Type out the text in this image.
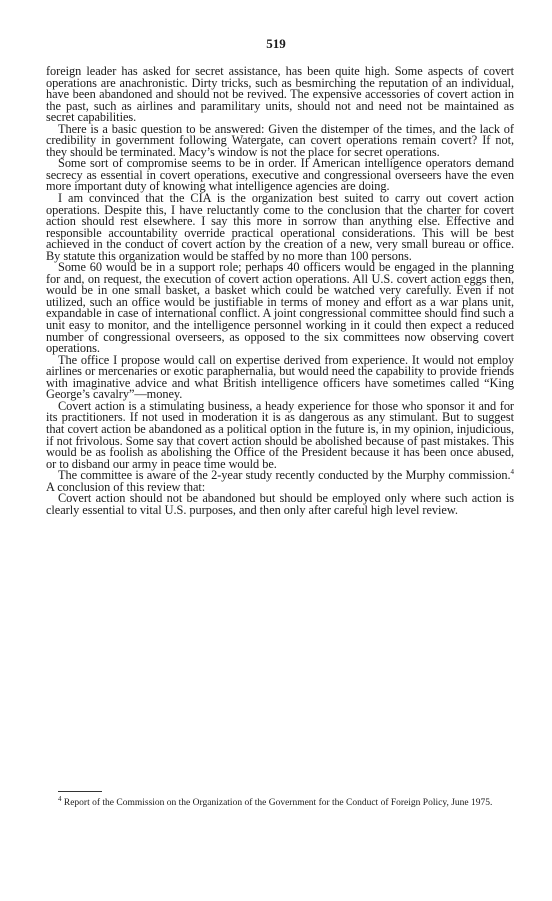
519

foreign leader has asked for secret assistance, has been quite high. Some aspects of covert operations are anachronistic. Dirty tricks, such as besmirching the reputation of an individual, have been abandoned and should not be revived. The expensive accessories of covert action in the past, such as airlines and paramilitary units, should not and need not be maintained as secret capabilities.

There is a basic question to be answered: Given the distemper of the times, and the lack of credibility in government following Watergate, can covert operations remain covert? If not, they should be terminated. Macy’s window is not the place for secret operations.

Some sort of compromise seems to be in order. If American intelligence operators demand secrecy as essential in covert operations, executive and congressional overseers have the even more important duty of knowing what intelligence agencies are doing.

I am convinced that the CIA is the organization best suited to carry out covert action operations. Despite this, I have reluctantly come to the conclusion that the charter for covert action should rest elsewhere. I say this more in sorrow than anything else. Effective and responsible accountability override practical operational considerations. This will be best achieved in the conduct of covert action by the creation of a new, very small bureau or office. By statute this organization would be staffed by no more than 100 persons.

Some 60 would be in a support role; perhaps 40 officers would be engaged in the planning for and, on request, the execution of covert action operations. All U.S. covert action eggs then, would be in one small basket, a basket which could be watched very carefully. Even if not utilized, such an office would be justifiable in terms of money and effort as a war plans unit, expandable in case of international conflict. A joint congressional committee should find such a unit easy to monitor, and the intelligence personnel working in it could then expect a reduced number of congressional overseers, as opposed to the six committees now observing covert operations.

The office I propose would call on expertise derived from experience. It would not employ airlines or mercenaries or exotic paraphernalia, but would need the capability to provide friends with imaginative advice and what British intelligence officers have sometimes called “King George’s cavalry”—money.

Covert action is a stimulating business, a heady experience for those who sponsor it and for its practitioners. If not used in moderation it is as dangerous as any stimulant. But to suggest that covert action be abandoned as a political option in the future is, in my opinion, injudicious, if not frivolous. Some say that covert action should be abolished because of past mistakes. This would be as foolish as abolishing the Office of the President because it has been once abused, or to disband our army in peace time would be.

The committee is aware of the 2-year study recently conducted by the Murphy commission.$^4$ A conclusion of this review that:

Covert action should not be abandoned but should be employed only where such action is clearly essential to vital U.S. purposes, and then only after careful high level review.

$^4$ Report of the Commission on the Organization of the Government for the Conduct of Foreign Policy, June 1975.
